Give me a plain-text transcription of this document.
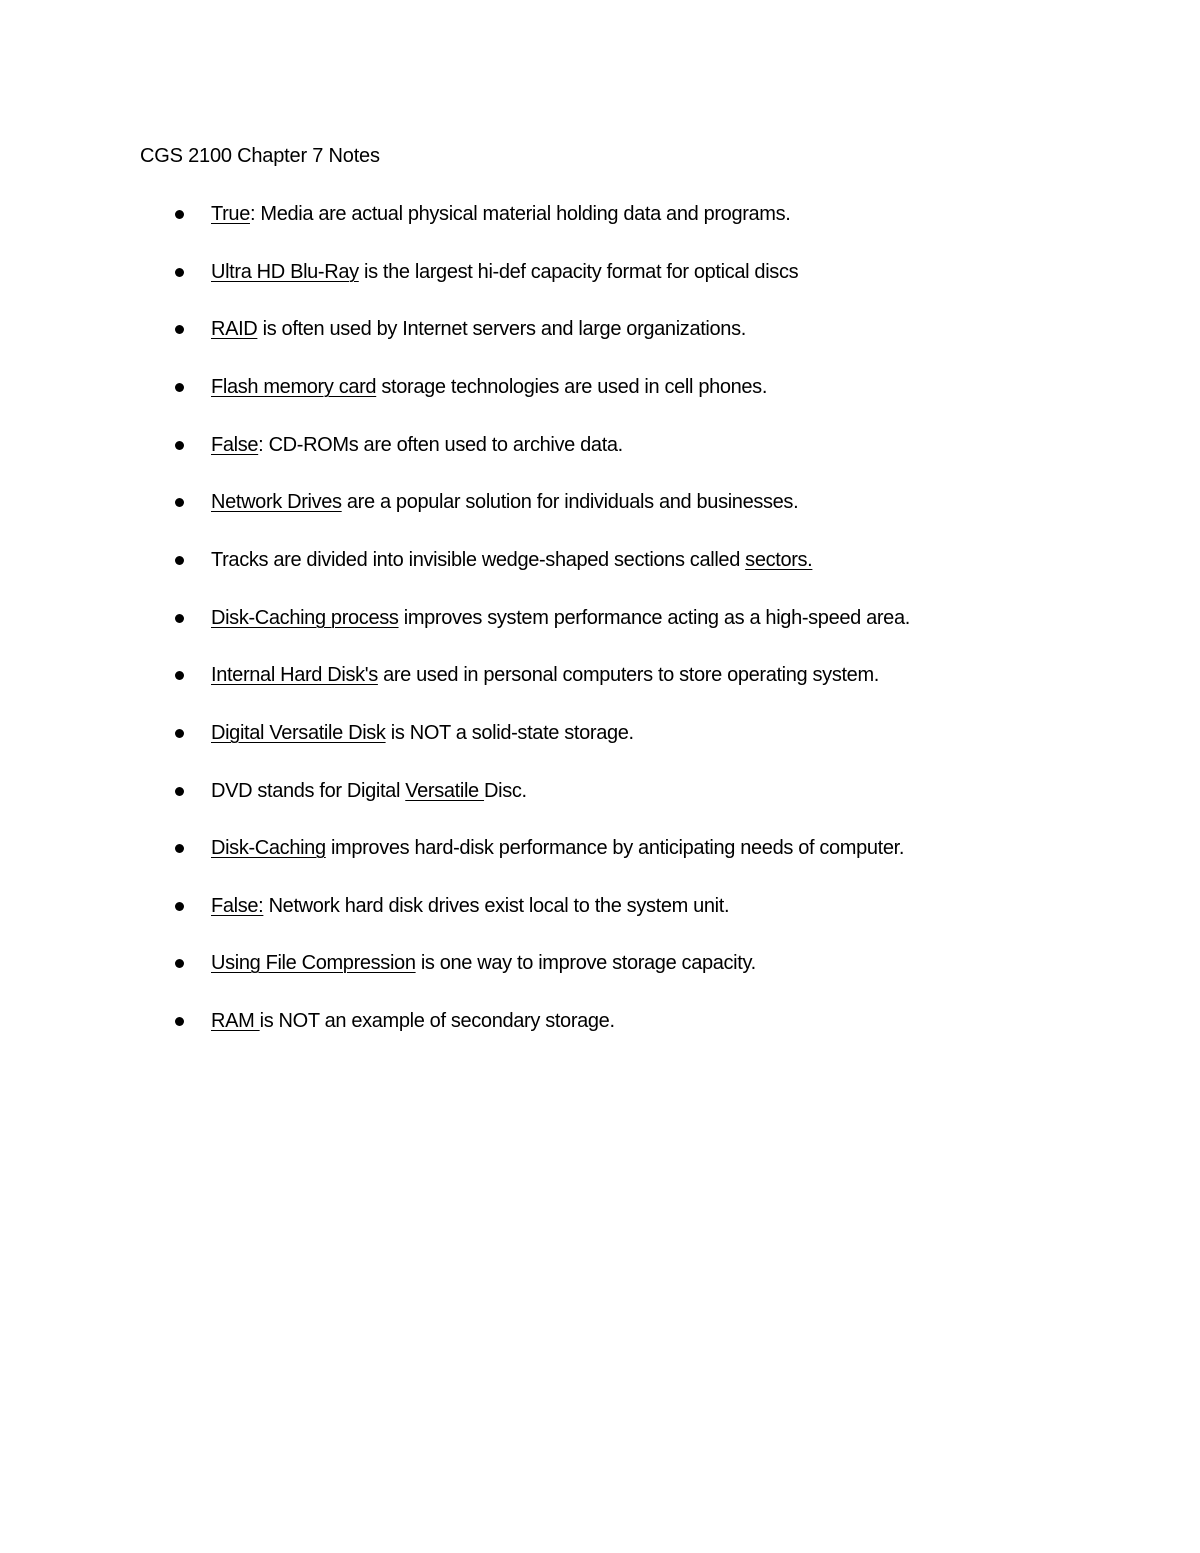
CGS 2100 Chapter 7 Notes
True: Media are actual physical material holding data and programs.
Ultra HD Blu-Ray is the largest hi-def capacity format for optical discs
RAID is often used by Internet servers and large organizations.
Flash memory card storage technologies are used in cell phones.
False: CD-ROMs are often used to archive data.
Network Drives are a popular solution for individuals and businesses.
Tracks are divided into invisible wedge-shaped sections called sectors.
Disk-Caching process improves system performance acting as a high-speed area.
Internal Hard Disk's are used in personal computers to store operating system.
Digital Versatile Disk is NOT a solid-state storage.
DVD stands for Digital Versatile Disc.
Disk-Caching improves hard-disk performance by anticipating needs of computer.
False: Network hard disk drives exist local to the system unit.
Using File Compression is one way to improve storage capacity.
RAM is NOT an example of secondary storage.
